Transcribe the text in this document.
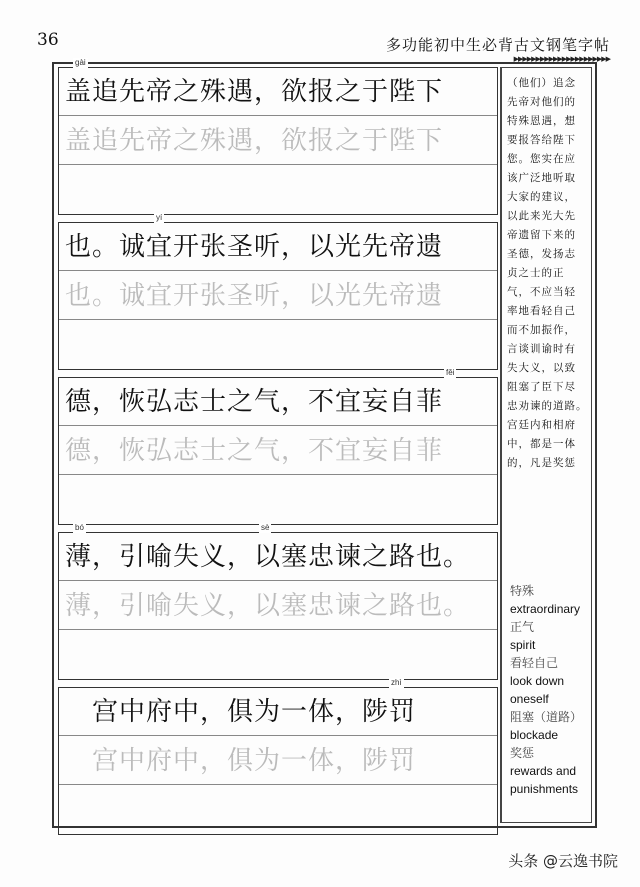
36	多功能初中生必背古文钢笔字帖
▶▶▶▶▶▶▶▶▶▶▶▶▶▶▶▶▶▶▶▶▶▶
gài
盖追先帝之殊遇，欲报之于陛下
盖追先帝之殊遇，欲报之于陛下
yí
也。诚宜开张圣听，以光先帝遗
也。诚宜开张圣听，以光先帝遗
fěi
德，恢弘志士之气，不宜妄自菲
德，恢弘志士之气，不宜妄自菲
bó	sè
薄，引喻失义，以塞忠谏之路也。
薄，引喻失义，以塞忠谏之路也。
zhì
　宫中府中，俱为一体，陟罚
　宫中府中，俱为一体，陟罚
（他们）追念先帝对他们的特殊恩遇，想要报答给陛下您。您实在应该广泛地听取大家的建议，以此来光大先帝遗留下来的圣德，发扬志贞之士的正气，不应当轻率地看轻自己而不加振作，言谈训谕时有失大义，以致阻塞了臣下尽忠劝谏的道路。　　宫廷内和相府中，都是一体的，凡是奖惩
特殊
extraordinary
正气
spirit
看轻自己
look down oneself
阻塞（道路）
blockade
奖惩
rewards and punishments
头条 @云逸书院
